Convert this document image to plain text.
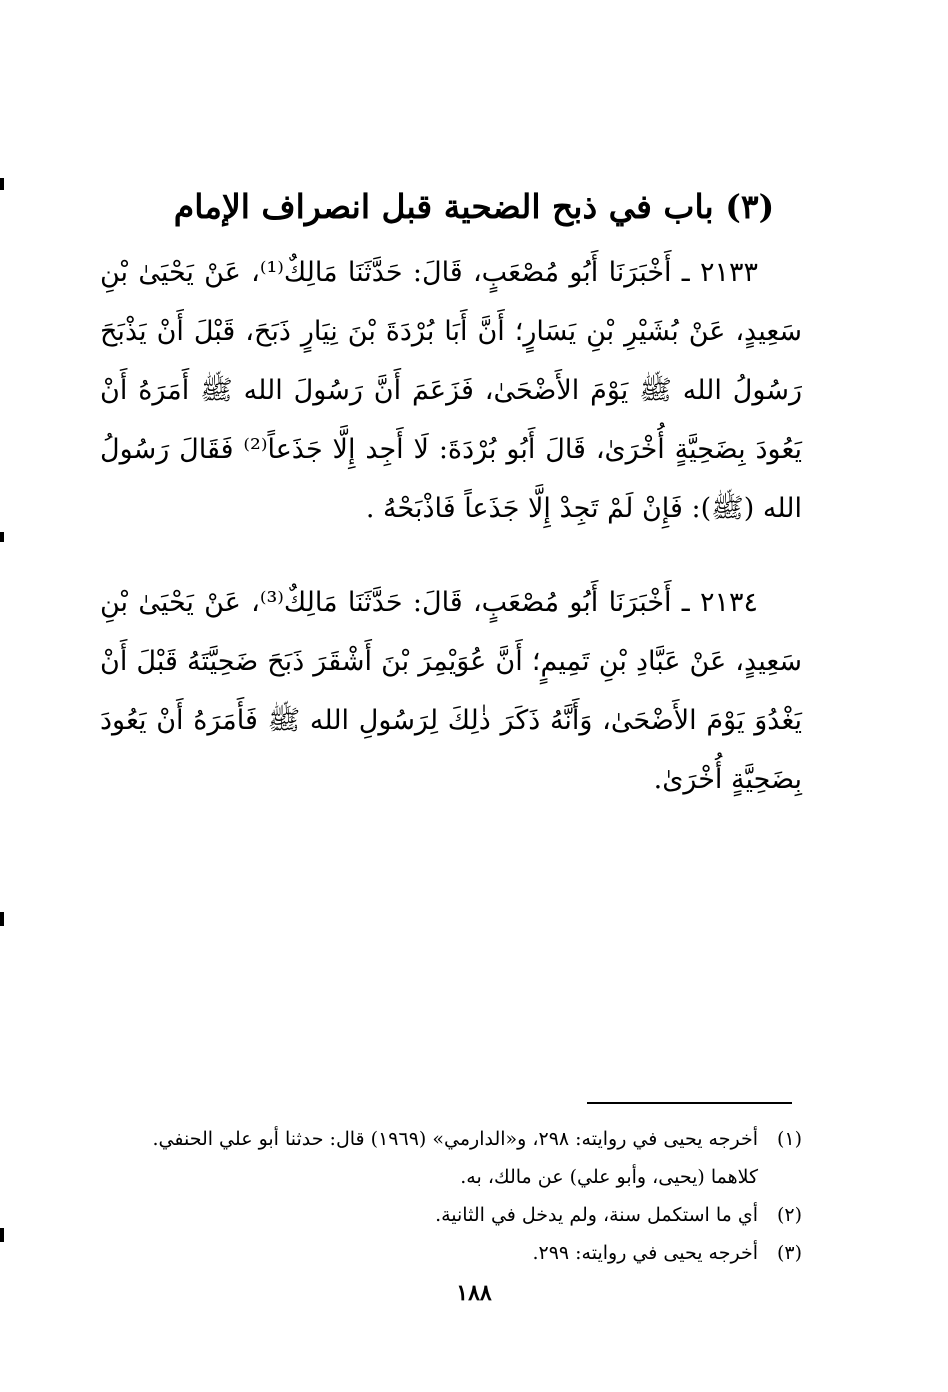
(٣) باب في ذبح الضحية قبل انصراف الإمام

٢١٣٣ ـ أَخْبَرَنَا أَبُو مُصْعَبٍ، قَالَ: حَدَّثَنَا مَالِكٌ⁽¹⁾، عَنْ يَحْيَىٰ بْنِ سَعِيدٍ، عَنْ بُشَيْرِ بْنِ يَسَارٍ؛ أَنَّ أَبَا بُرْدَةَ بْنَ نِيَارٍ ذَبَحَ، قَبْلَ أَنْ يَذْبَحَ رَسُولُ الله ﷺ يَوْمَ الأَضْحَىٰ، فَزَعَمَ أَنَّ رَسُولَ الله ﷺ أَمَرَهُ أَنْ يَعُودَ بِضَحِيَّةٍ أُخْرَىٰ، قَالَ أَبُو بُرْدَةَ: لَا أَجِد إِلَّا جَذَعاً⁽²⁾ فَقَالَ رَسُولُ الله (ﷺ): فَإِنْ لَمْ تَجِدْ إِلَّا جَذَعاً فَاذْبَحْهُ .

٢١٣٤ ـ أَخْبَرَنَا أَبُو مُصْعَبٍ، قَالَ: حَدَّثَنَا مَالِكٌ⁽³⁾، عَنْ يَحْيَىٰ بْنِ سَعِيدٍ، عَنْ عَبَّادِ بْنِ تَمِيمٍ؛ أَنَّ عُوَيْمِرَ بْنَ أَشْقَرَ ذَبَحَ ضَحِيَّتَهُ قَبْلَ أَنْ يَغْدُوَ يَوْمَ الأَضْحَىٰ، وَأَنَّهُ ذَكَرَ ذٰلِكَ لِرَسُولِ الله ﷺ فَأَمَرَهُ أَنْ يَعُودَ بِضَحِيَّةٍ أُخْرَىٰ.

(١)
أخرجه يحيى في روايته: ٢٩٨، و«الدارمي» (١٩٦٩) قال: حدثنا أبو علي الحنفي.
كلاهما (يحيى، وأبو علي) عن مالك، به.
(٢)
أي ما استكمل سنة، ولم يدخل في الثانية.
(٣)
أخرجه يحيى في روايته: ٢٩٩.
١٨٨
